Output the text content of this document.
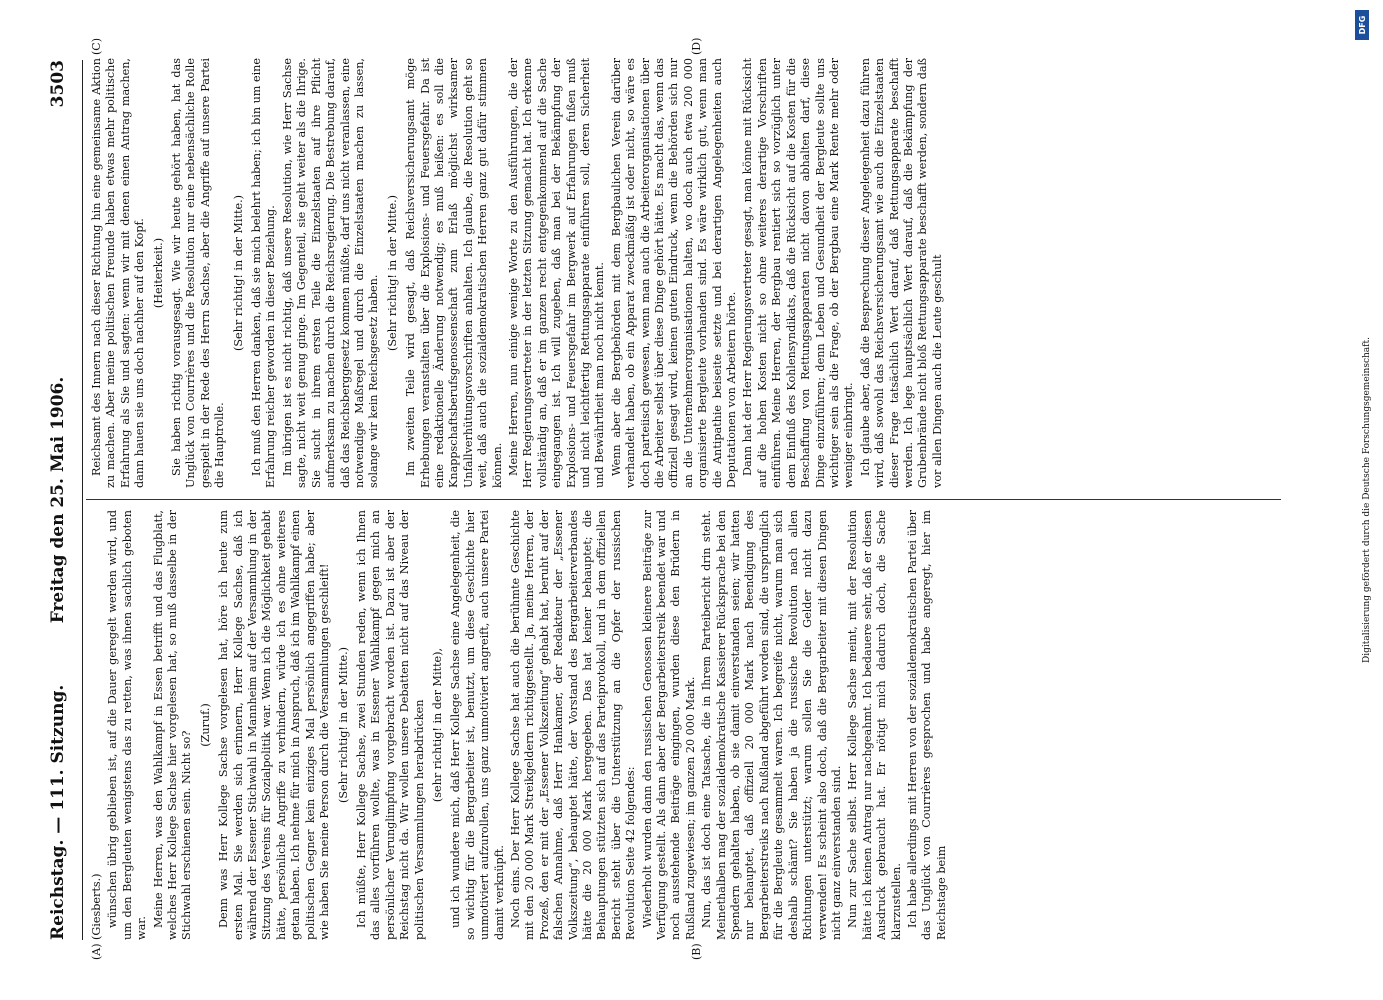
Reichstag. — 111. Sitzung.
Freitag den 25. Mai 1906.
3503
(A)	(B)
(C)	(D)

(Giesberts.) wünschen übrig geblieben ist, auf die Dauer geregelt werden wird, und um den Bergleuten wenigstens das zu retten, was ihnen sachlich geboten war.

Meine Herren, was den Wahlkampf in Essen betrifft und das Flugblatt, welches Herr Kollege Sachse hier vorgelesen hat, so muß dasselbe in der Stichwahl erschienen sein. Nicht so?

(Zuruf.) Denn was Herr Kollege Sachse vorgelesen hat, höre ich heute zum ersten Mal. Sie werden sich erinnern, Herr Kollege Sachse, daß ich während der Essener Stichwahl in Mannheim auf der Versammlung in der Sitzung des Vereins für Sozialpolitik war. Wenn ich die Möglichkeit gehabt hätte, persönliche Angriffe zu verhindern, würde ich es ohne weiteres getan haben. Ich nehme für mich in Anspruch, daß ich im Wahlkampf einen politischen Gegner kein einziges Mal persönlich angegriffen habe; aber wie haben Sie meine Person durch die Versammlungen geschleift! (Sehr richtig! in der Mitte.) Ich müßte, Herr Kollege Sachse, zwei Stunden reden, wenn ich Ihnen das alles vorführen wollte, was in Essener Wahlkampf gegen mich an persönlicher Verunglimpfung vorgebracht worden ist. Dazu ist aber der Reichstag nicht da. Wir wollen unsere Debatten nicht auf das Niveau der politischen Versammlungen herabdrücken (sehr richtig! in der Mitte), und ich wundere mich, daß Herr Kollege Sachse eine Angelegenheit, die so wichtig für die Bergarbeiter ist, benutzt, um diese Geschichte hier unmotiviert aufzurollen, uns ganz unmotiviert angreift, auch unsere Partei damit verknüpft. Noch eins. Der Herr Kollege Sachse hat auch die berühmte Geschichte mit den 20 000 Mark Streikgeldern richtiggestellt. Ja, meine Herren, der Prozeß, den er mit der „Essener Volkszeitung“ gehabt hat, beruht auf der falschen Annahme, daß Herr Hankamer, der Redakteur der „Essener Volkszeitung“, behauptet hätte, der Vorstand des Bergarbeiterverbandes hätte die 20 000 Mark hergegeben. Das hat keiner behauptet; die Behauptungen stützten sich auf das Parteiprotokoll, und in dem offiziellen Bericht steht über die Unterstützung an die Opfer der russischen Revolution Seite 42 folgendes: Wiederholt wurden dann den russischen Genossen kleinere Beiträge zur Verfügung gestellt. Als dann aber der Bergarbeiterstreik beendet war und noch ausstehende Beiträge eingingen, wurden diese den Brüdern in Rußland zugewiesen; im ganzen 20 000 Mark. Nun, das ist doch eine Tatsache, die in Ihrem Parteibericht drin steht. Meinethalben mag der sozialdemokratische Kassierer Rücksprache bei den Spendern gehalten haben, ob sie damit einverstanden seien; wir hatten nur behauptet, daß offiziell 20 000 Mark nach Beendigung des Bergarbeiterstreiks nach Rußland abgeführt worden sind, die ursprünglich für die Bergleute gesammelt waren. Ich begreife nicht, warum man sich deshalb schämt? Sie haben ja die russische Revolution nach allen Richtungen unterstützt; warum sollen Sie die Gelder nicht dazu verwenden! Es scheint also doch, daß die Bergarbeiter mit diesen Dingen nicht ganz einverstanden sind. Nun zur Sache selbst. Herr Kollege Sachse meint, mit der Resolution hätte ich keinen Antrag nur nachgeahmt. Ich bedauere sehr, daß er diesen Ausdruck gebraucht hat. Er nötigt mich dadurch doch, die Sache klarzustellen. Ich habe allerdings mit Herren von der sozialdemokratischen Partei über das Unglück von Courrières gesprochen und habe angeregt, hier im Reichstage beim

Reichsamt des Innern nach dieser Richtung hin eine gemeinsame Aktion zu machen. Aber meine politischen Freunde haben etwas mehr politische Erfahrung als Sie und sagten: wenn wir mit denen einen Antrag machen, dann hauen sie uns doch nachher auf den Kopf. (Heiterkeit.) Sie haben richtig vorausgesagt. Wie wir heute gehört haben, hat das Unglück von Courrières und die Resolution nur eine nebensächliche Rolle gespielt in der Rede des Herrn Sachse, aber die Angriffe auf unsere Partei die Hauptrolle.

(Sehr richtig! in der Mitte.) Ich muß den Herren danken, daß sie mich belehrt haben; ich bin um eine Erfahrung reicher geworden in dieser Beziehung. Im übrigen ist es nicht richtig, daß unsere Resolution, wie Herr Sachse sagte, nicht weit genug ginge. Im Gegenteil, sie geht weiter als die Ihrige. Sie sucht in ihrem ersten Teile die Einzelstaaten auf ihre Pflicht aufmerksam zu machen durch die Reichsregierung. Die Bestrebung darauf, daß das Reichsberggesetz kommen müßte, darf uns nicht veranlassen, eine notwendige Maßregel und durch die Einzelstaaten machen zu lassen, solange wir kein Reichsgesetz haben.

(Sehr richtig! in der Mitte.) Im zweiten Teile wird gesagt, daß Reichsversicherungsamt möge Erhebungen veranstalten über die Explosions- und Feuersgefahr. Da ist eine redaktionelle Änderung notwendig; es muß heißen: es soll die Knappschaftsberufsgenossenschaft zum Erlaß möglichst wirksamer Unfallverhütungsvorschriften anhalten. Ich glaube, die Resolution geht so weit, daß auch die sozialdemokratischen Herren ganz gut dafür stimmen können. Meine Herren, nun einige wenige Worte zu den Ausführungen, die der Herr Regierungsvertreter in der letzten Sitzung gemacht hat. Ich erkenne vollständig an, daß er im ganzen recht entgegenkommend auf die Sache eingegangen ist. Ich will zugeben, daß man bei der Bekämpfung der Explosions- und Feuersgefahr im Bergwerk auf Erfahrungen fußen muß und nicht leichtfertig Rettungsapparate einführen soll, deren Sicherheit und Bewährtheit man noch nicht kennt. Wenn aber die Bergbehörden mit dem Bergbaulichen Verein darüber verhandelt haben, ob ein Apparat zweckmäßig ist oder nicht, so wäre es doch parteiisch gewesen, wenn man auch die Arbeiterorganisationen über die Arbeiter selbst über diese Dinge gehört hätte. Es macht das, wenn das offiziell gesagt wird, keinen guten Eindruck, wenn die Behörden sich nur an die Unternehmerorganisationen halten, wo doch auch etwa 200 000 organisierte Bergleute vorhanden sind. Es wäre wirklich gut, wenn man die Antipathie beiseite setzte und bei derartigen Angelegenheiten auch Deputationen von Arbeitern hörte. Dann hat der Herr Regierungsvertreter gesagt, man könne mit Rücksicht auf die hohen Kosten nicht so ohne weiteres derartige Vorschriften einführen. Meine Herren, der Bergbau rentiert sich so vorzüglich unter dem Einfluß des Kohlensyndikats, daß die Rücksicht auf die Kosten für die Beschaffung von Rettungsapparaten nicht davon abhalten darf, diese Dinge einzuführen; denn Leben und Gesundheit der Bergleute sollte uns wichtiger sein als die Frage, ob der Bergbau eine Mark Rente mehr oder weniger einbringt. Ich glaube aber, daß die Besprechung dieser Angelegenheit dazu führen wird, daß sowohl das Reichsversicherungsamt wie auch die Einzelstaaten dieser Frage tatsächlich Wert darauf, daß Rettungsapparate beschafft werden. Ich lege hauptsächlich Wert darauf, daß die Bekämpfung der Grubenbrände nicht bloß Rettungsapparate beschafft werden, sondern daß vor allen Dingen auch die Leute geschult	Digitalisierung gefördert durch die Deutsche Forschungsgemeinschaft.
DFG
